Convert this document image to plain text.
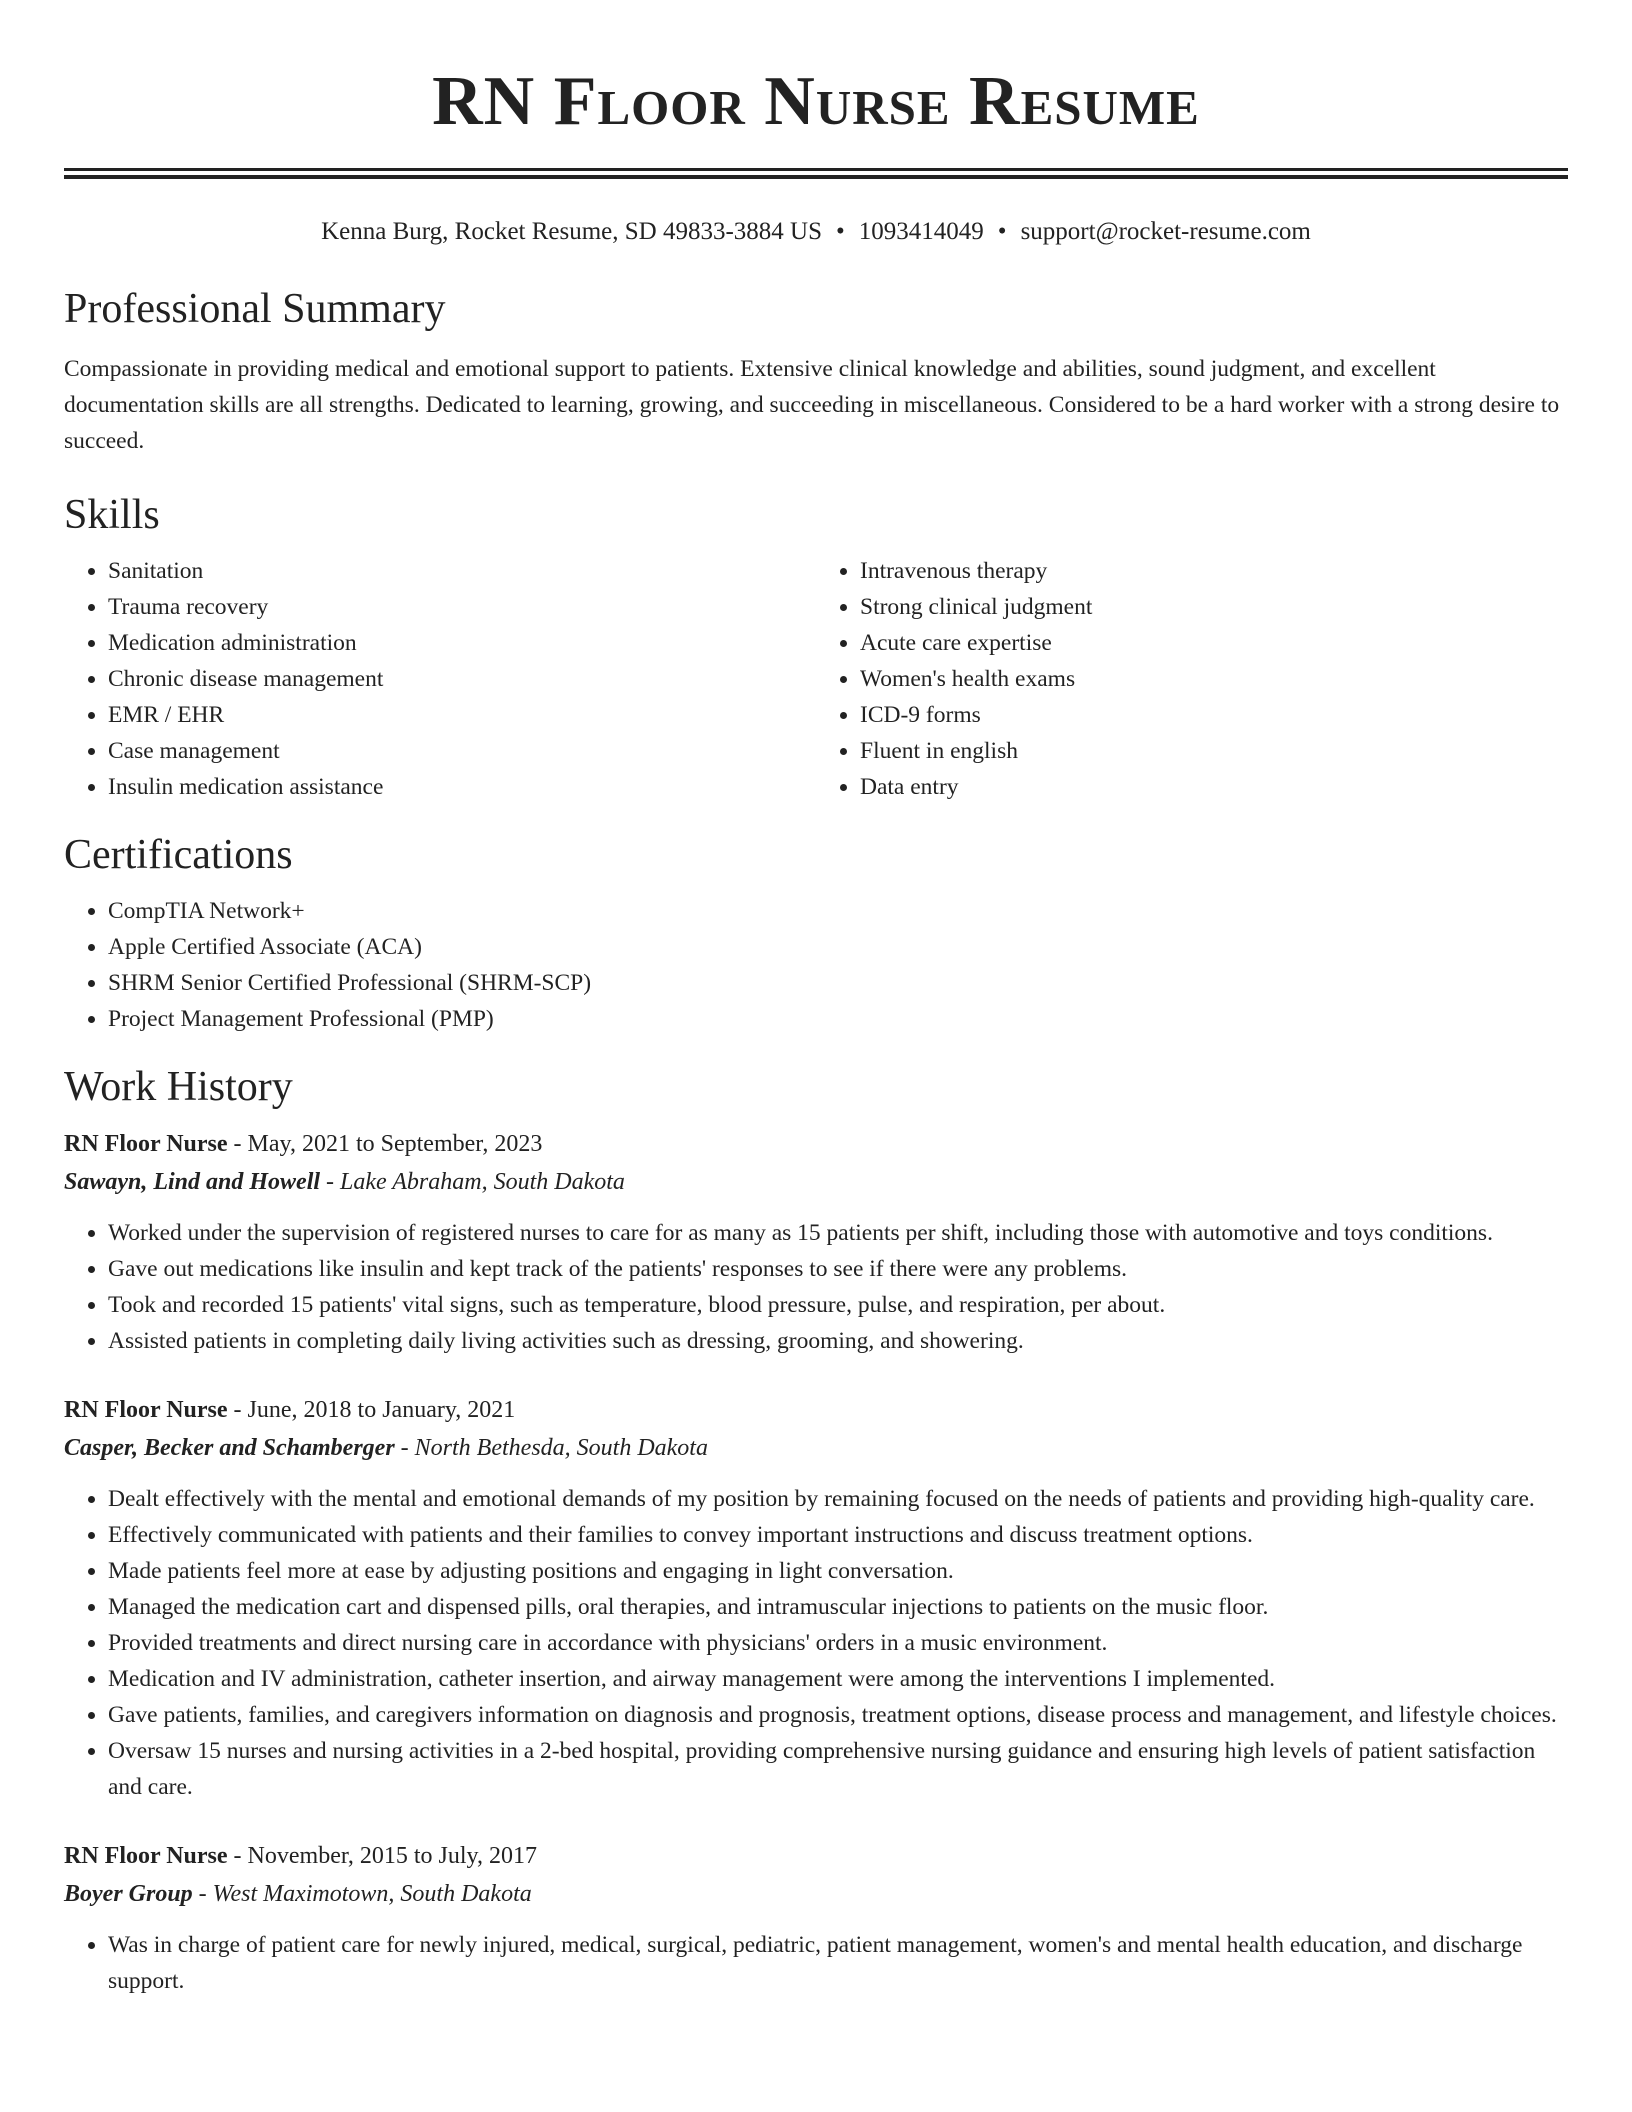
RN Floor Nurse Resume
Kenna Burg, Rocket Resume, SD 49833-3884 US • 1093414049 • support@rocket-resume.com
Professional Summary

Compassionate in providing medical and emotional support to patients. Extensive clinical knowledge and abilities, sound judgment, and excellent documentation skills are all strengths. Dedicated to learning, growing, and succeeding in miscellaneous. Considered to be a hard worker with a strong desire to succeed.

Skills
• Sanitation
• Trauma recovery
• Medication administration
• Chronic disease management
• EMR / EHR
• Case management
• Insulin medication assistance
• Intravenous therapy
• Strong clinical judgment
• Acute care expertise
• Women's health exams
• ICD-9 forms
• Fluent in english
• Data entry
Certifications
• CompTIA Network+
• Apple Certified Associate (ACA)
• SHRM Senior Certified Professional (SHRM-SCP)
• Project Management Professional (PMP)
Work History
RN Floor Nurse - May, 2021 to September, 2023
Sawayn, Lind and Howell - Lake Abraham, South Dakota
• Worked under the supervision of registered nurses to care for as many as 15 patients per shift, including those with automotive and toys conditions.
• Gave out medications like insulin and kept track of the patients' responses to see if there were any problems.
• Took and recorded 15 patients' vital signs, such as temperature, blood pressure, pulse, and respiration, per about.
• Assisted patients in completing daily living activities such as dressing, grooming, and showering.
RN Floor Nurse - June, 2018 to January, 2021
Casper, Becker and Schamberger - North Bethesda, South Dakota
• Dealt effectively with the mental and emotional demands of my position by remaining focused on the needs of patients and providing high-quality care.
• Effectively communicated with patients and their families to convey important instructions and discuss treatment options.
• Made patients feel more at ease by adjusting positions and engaging in light conversation.
• Managed the medication cart and dispensed pills, oral therapies, and intramuscular injections to patients on the music floor.
• Provided treatments and direct nursing care in accordance with physicians' orders in a music environment.
• Medication and IV administration, catheter insertion, and airway management were among the interventions I implemented.
• Gave patients, families, and caregivers information on diagnosis and prognosis, treatment options, disease process and management, and lifestyle choices.
• Oversaw 15 nurses and nursing activities in a 2-bed hospital, providing comprehensive nursing guidance and ensuring high levels of patient satisfaction and care.
RN Floor Nurse - November, 2015 to July, 2017
Boyer Group - West Maximotown, South Dakota
• Was in charge of patient care for newly injured, medical, surgical, pediatric, patient management, women's and mental health education, and discharge support.
